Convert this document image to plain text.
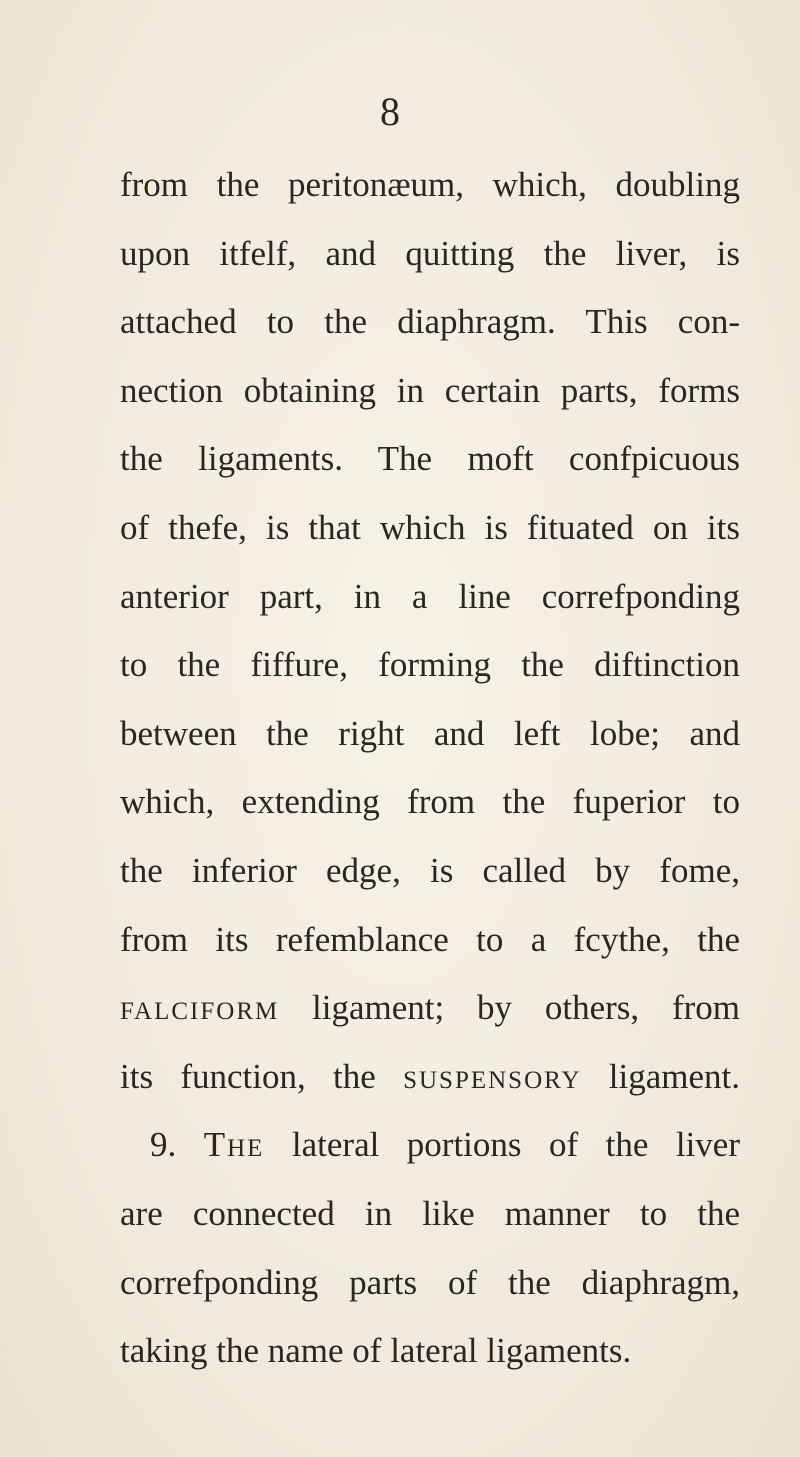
8
from the peritonæum, which, doubling
upon itfelf, and quitting the liver, is
attached to the diaphragm. This con-
nection obtaining in certain parts, forms
the ligaments. The moft confpicuous
of thefe, is that which is fituated on its
anterior part, in a line correfponding
to the fiffure, forming the diftinction
between the right and left lobe; and
which, extending from the fuperior to
the inferior edge, is called by fome,
from its refemblance to a fcythe, the
falciform ligament; by others, from
its function, the suspensory ligament.
9. The lateral portions of the liver
are connected in like manner to the
correfponding parts of the diaphragm,
taking the name of lateral ligaments.
